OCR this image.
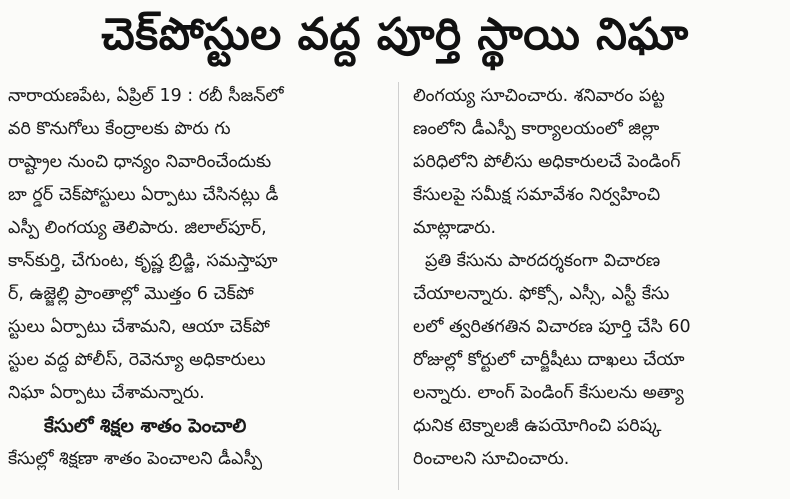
చెక్‌పోస్టుల వద్ద పూర్తి స్థాయి నిఘా
నారాయణపేట, ఏప్రిల్ 19 : రబీ సీజన్‌లో
వరి కొనుగోలు కేంద్రాలకు పొరు గు
రాష్ట్రాల నుంచి ధాన్యం నివారించేందుకు
బా ర్డర్ చెక్‌పోస్టులు ఏర్పాటు చేసినట్లు డీ
ఎస్పీ లింగయ్య తెలిపారు. జిలాల్‌పూర్,
కాన్‌కుర్తి, చేగుంట, కృష్ణ బ్రిడ్జి, సమస్తాపూ
ర్, ఉజ్జెల్లి ప్రాంతాల్లో మొత్తం 6 చెక్‌పో
స్టులు ఏర్పాటు చేశామని, ఆయా చెక్‌పో
స్టుల వద్ద పోలీస్, రెవెన్యూ అధికారులు
నిఘా ఏర్పాటు చేశామన్నారు.
కేసులో శిక్షల శాతం పెంచాలి
కేసుల్లో శిక్షణా శాతం పెంచాలని డీఎస్పీ
లింగయ్య సూచించారు. శనివారం పట్ట
ణంలోని డీఎస్పీ కార్యాలయంలో జిల్లా
పరిధిలోని పోలీసు అధికారులచే పెండింగ్
కేసులపై సమీక్ష సమావేశం నిర్వహించి
మాట్లాడారు.
ప్రతి కేసును పారదర్శకంగా విచారణ
చేయాలన్నారు. ఫోక్సో, ఎస్సీ, ఎస్టీ కేసు
లలో త్వరితగతిన విచారణ పూర్తి చేసి 60
రోజుల్లో కోర్టులో చార్జీషీటు దాఖలు చేయా
లన్నారు. లాంగ్ పెండింగ్ కేసులను అత్యా
ధునిక టెక్నాలజీ ఉపయోగించి పరిష్క
రించాలని సూచించారు.
